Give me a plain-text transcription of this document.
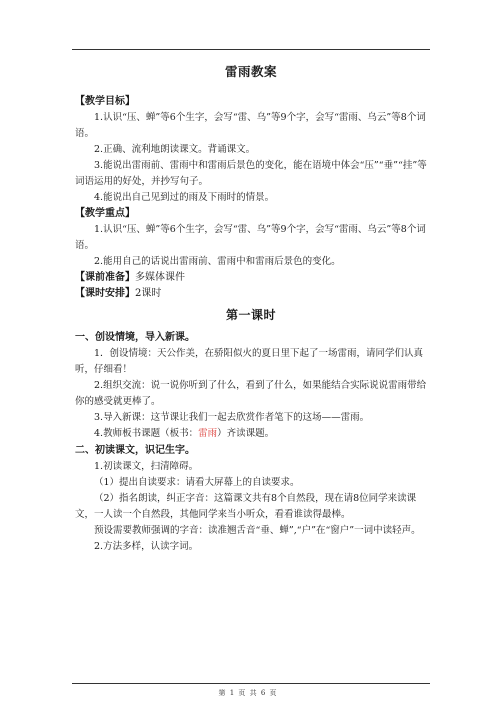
雷雨教案

【教学目标】

1.认识“压、蝉”等6个生字，会写“雷、乌”等9个字，会写“雷雨、乌云”等8个词语。

2.正确、流利地朗读课文。背诵课文。

3.能说出雷雨前、雷雨中和雷雨后景色的变化，能在语境中体会“压”“垂”“挂”等词语运用的好处，并抄写句子。

4.能说出自己见到过的雨及下雨时的情景。

【教学重点】

1.认识“压、蝉”等6个生字，会写“雷、乌”等9个字，会写“雷雨、乌云”等8个词语。

2.能用自己的话说出雷雨前、雷雨中和雷雨后景色的变化。

【课前准备】多媒体课件

【课时安排】2课时

第一课时

一、创设情境，导入新课。

1．创设情境：天公作美，在骄阳似火的夏日里下起了一场雷雨，请同学们认真听，仔细看！

2.组织交流：说一说你听到了什么，看到了什么，如果能结合实际说说雷雨带给你的感受就更棒了。

3.导入新课：这节课让我们一起去欣赏作者笔下的这场——雷雨。

4.教师板书课题（板书：雷雨）齐读课题。

二、初读课文，识记生字。

1.初读课文，扫清障碍。

（1）提出自读要求：请看大屏幕上的自读要求。

（2）指名朗读，纠正字音：这篇课文共有8个自然段，现在请8位同学来读课文，一人读一个自然段，其他同学来当小听众，看看谁读得最棒。

预设需要教师强调的字音：读准翘舌音“垂、蝉”,“户”在“窗户”一词中读轻声。

2.方法多样，认读字词。

第 1 页 共 6 页
